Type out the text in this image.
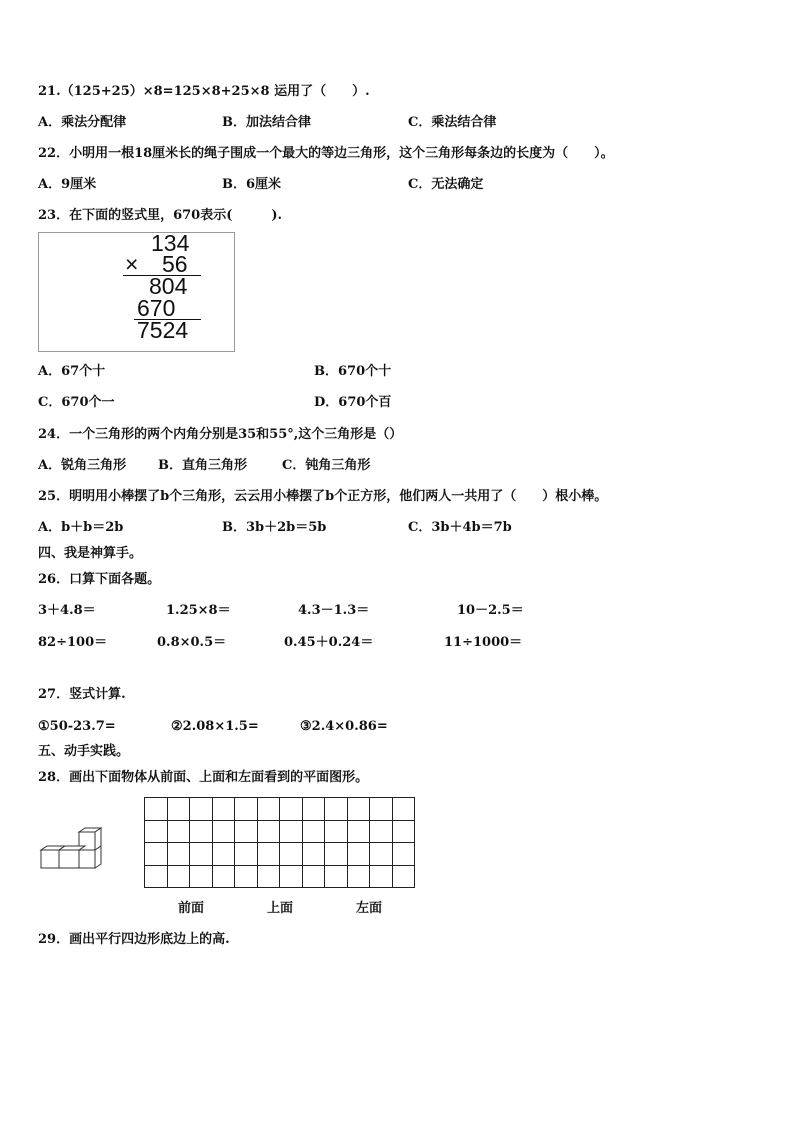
21.（125+25）×8=125×8+25×8 运用了（　　）.
A．乘法分配律	B．加法结合律	C．乘法结合律
22．小明用一根18厘米长的绳子围成一个最大的等边三角形，这个三角形每条边的长度为（　　）。
A．9厘米	B．6厘米	C．无法确定
23．在下面的竖式里，670表示(　　　).
134
× 56
804
670
7524
A．67个十	B．670个十
C．670个一	D．670个百
24．一个三角形的两个内角分别是35和55°,这个三角形是（）
A．锐角三角形 B．直角三角形	C．钝角三角形
25．明明用小棒摆了b个三角形，云云用小棒摆了b个正方形，他们两人一共用了（　　）根小棒。
A．b＋b＝2b	B．3b＋2b＝5b	C．3b＋4b＝7b
四、我是神算手。
26．口算下面各题。
3＋4.8＝	1.25×8＝	4.3－1.3＝	10－2.5＝
82÷100＝	0.8×0.5＝	0.45＋0.24＝	11÷1000＝
27．竖式计算.
①50-23.7=	②2.08×1.5=	③2.4×0.86=
五、动手实践。
28．画出下面物体从前面、上面和左面看到的平面图形。
前面	上面	左面
29．画出平行四边形底边上的高.
